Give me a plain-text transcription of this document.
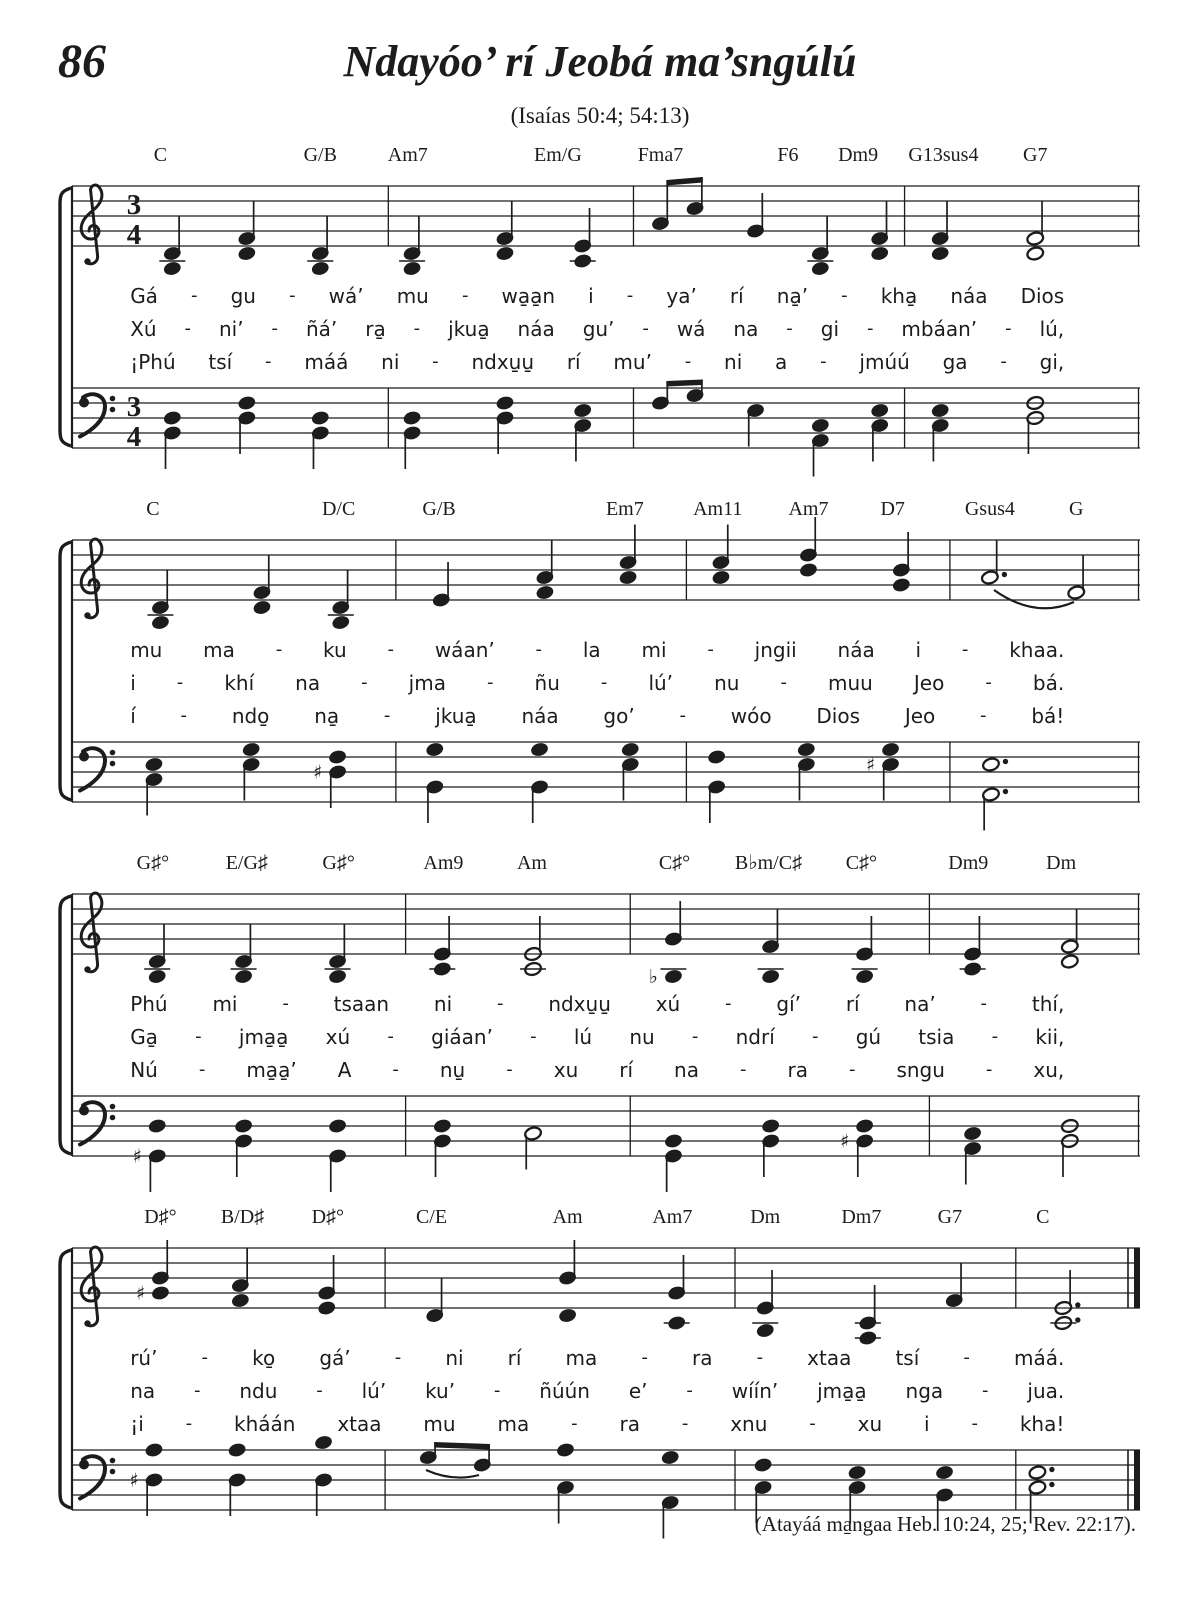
86	Ndayóo’ rí Jeobá ma’sngúlú
(Isaías 50:4; 54:13)
C	G/B	Am7	Em/G	Fma7	F6 Dm9 G13sus4 G7
3
4
Gá - gu - wá’ mu - wa̱a̱n i - ya’ rí na̱’ - kha̱ náa Dios
Xú - ni’ - ñá’ ra̱ - jkua̱ náa gu’ - wá na - gi - mbáan’ - lú,
¡Phú tsí - máá ni - ndxu̱u̱ rí mu’ - ni a - jmúú ga - gi,
3
4
C	D/C	G/B	Em7 Am11 Am7	D7	Gsus4	G
mu ma - ku - wáan’ - la mi - jngii náa i - khaa.
i - khí na - jma - ñu - lú’ nu - muu Jeo - bá.
í - ndo̱ na̱ - jkua̱ náa go’ - wóo Dios Jeo - bá!
♯	♯
G♯°	E/G♯	G♯°	Am9	Am	C♯° B♭m/C♯ C♯°	Dm9	Dm
♭
Phú mi - tsaan ni - ndxu̱u̱ xú - gí’ rí na’ - thí,
Ga̱ - jma̱a̱ xú - giáan’ - lú nu - ndrí - gú tsia - kii,
Nú - ma̱a̱’ A - nu̱ - xu rí na - ra - sngu - xu,
♯
♯
D♯° B/D♯ D♯°	C/E	Am	Am7	Dm	Dm7	G7	C
♯
rú’ - ko̱ gá’ - ni rí ma - ra - xtaa tsí - máá.
na - ndu - lú’ ku’ - ñúún e’ - wíín’ jma̱a̱ nga - jua.
¡i - kháán xtaa mu ma - ra - xnu - xu i - kha!
♯
(Atayáá ma̱ngaa Heb. 10:24, 25; Rev. 22:17).
